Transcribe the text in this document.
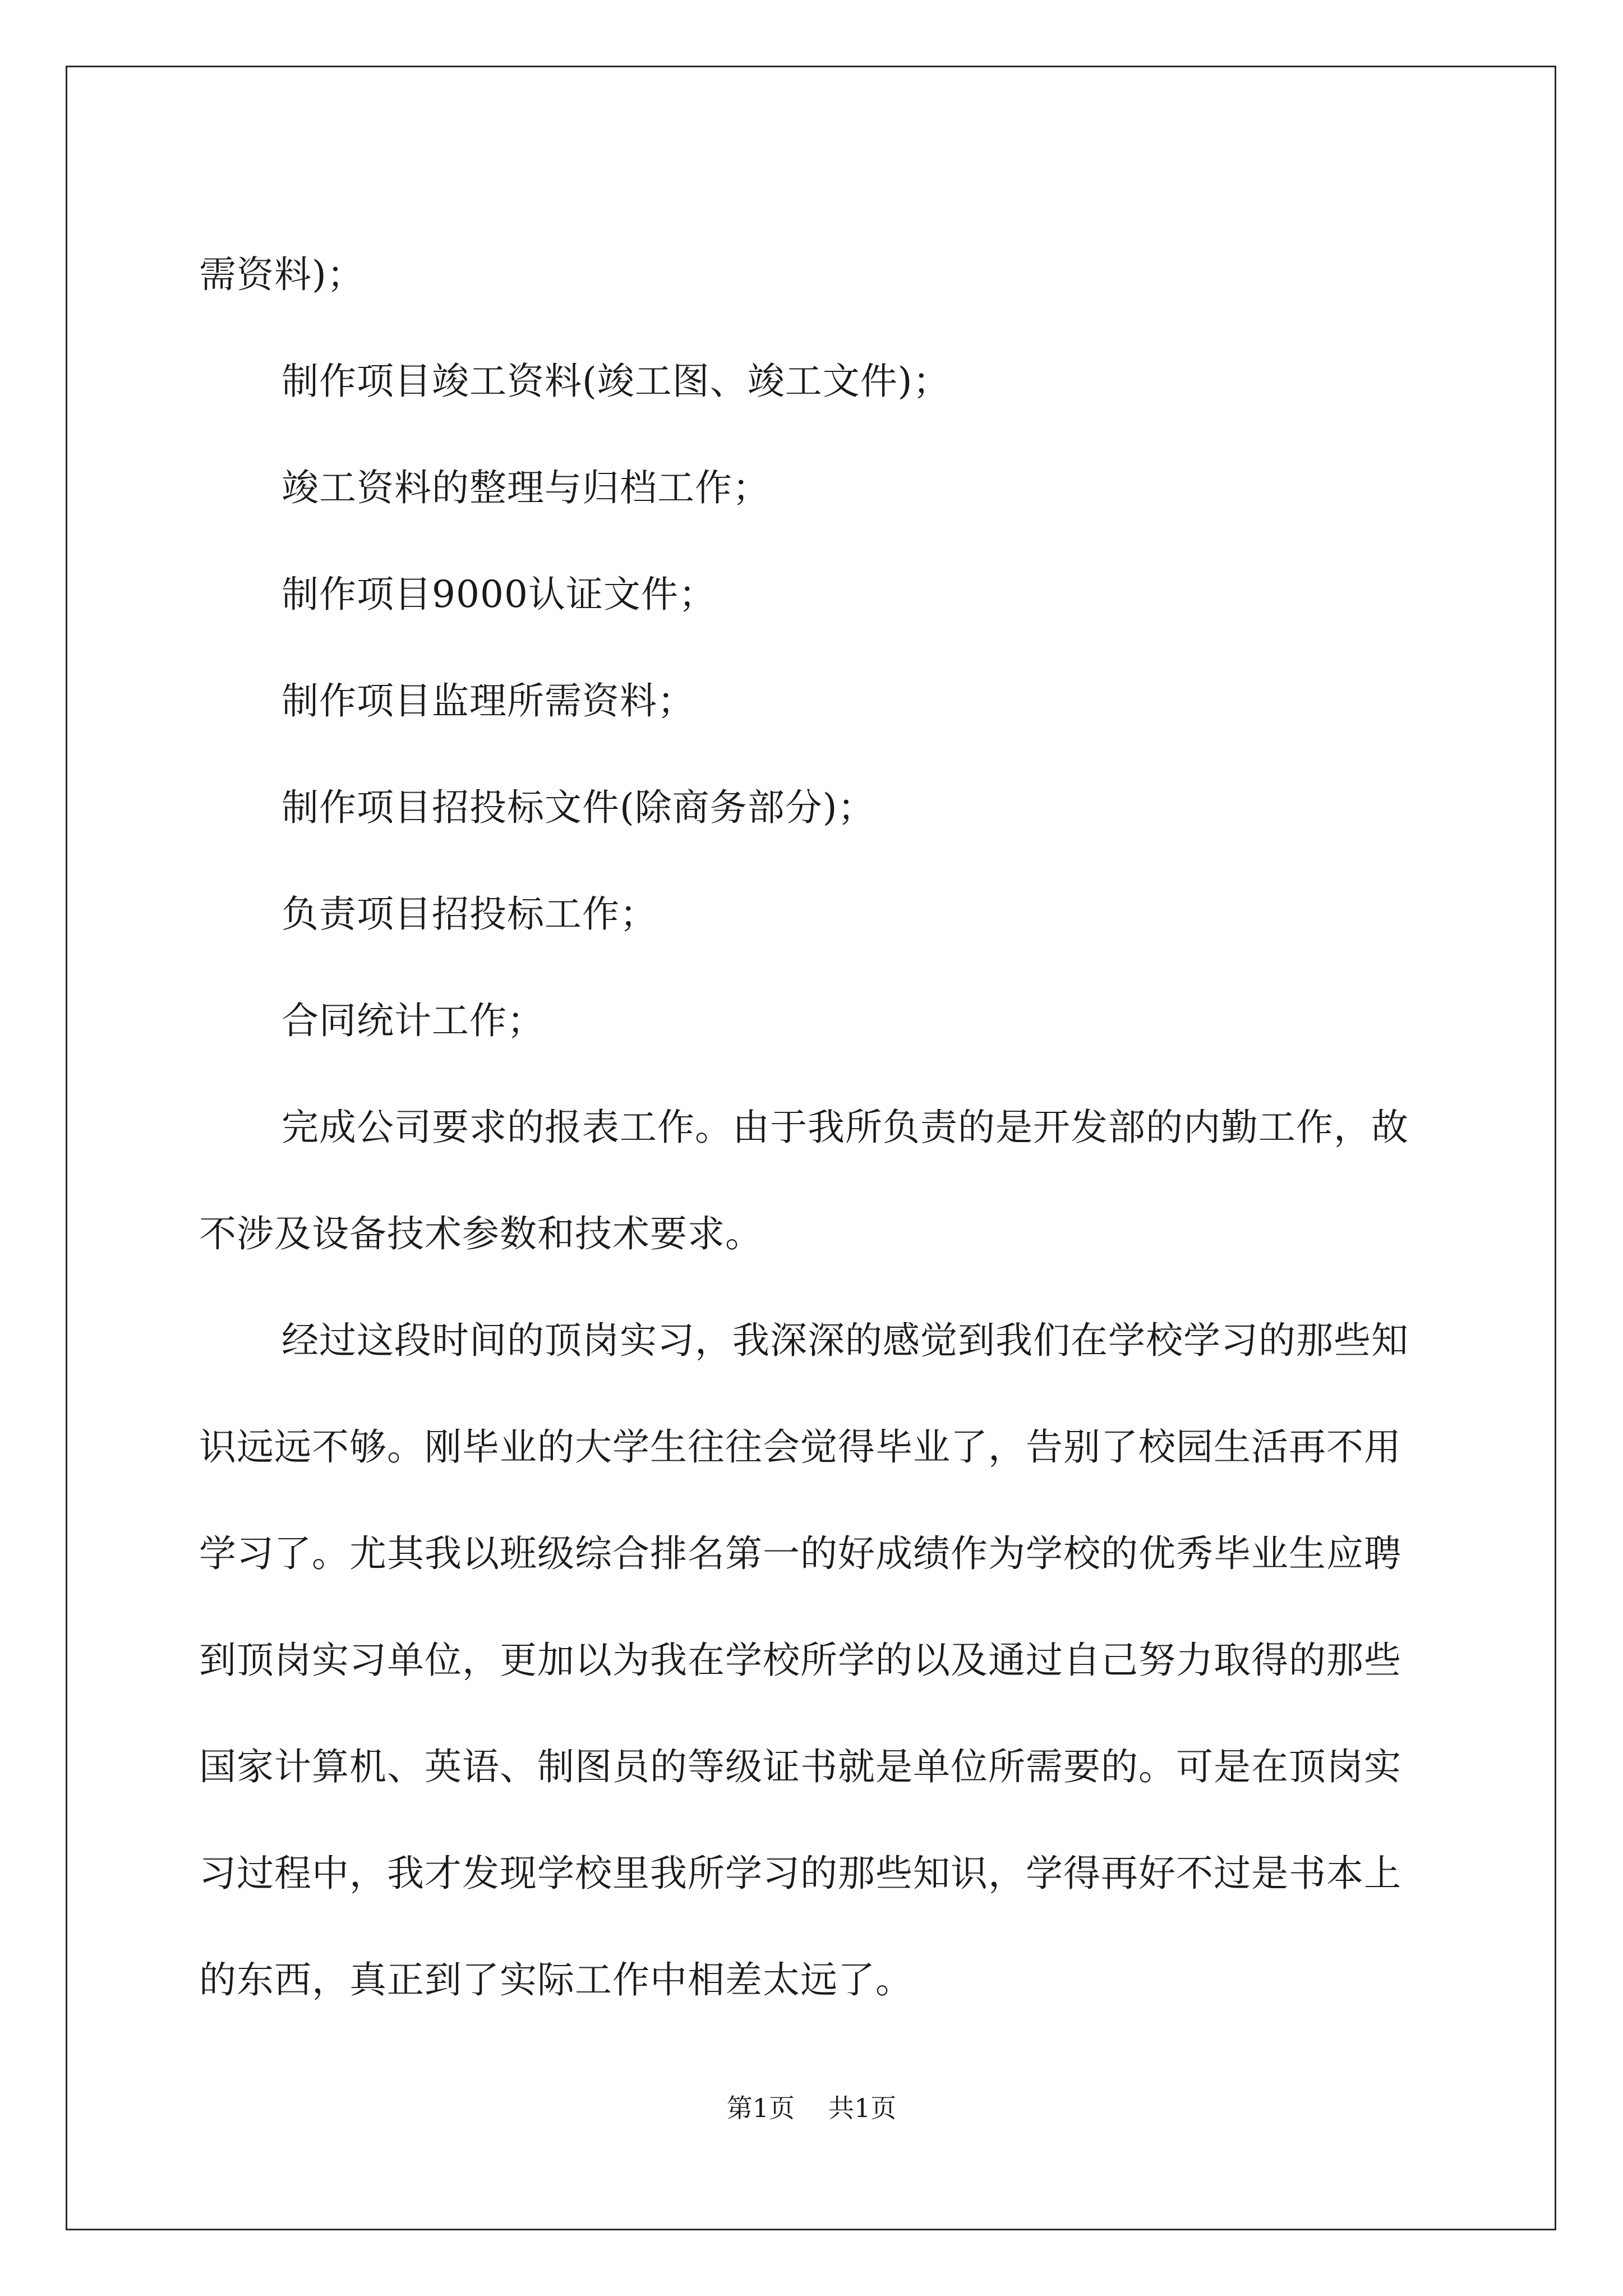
需资料)；

制作项目竣工资料(竣工图、竣工文件)；

竣工资料的整理与归档工作；

制作项目9000认证文件；

制作项目监理所需资料；

制作项目招投标文件(除商务部分)；

负责项目招投标工作；

合同统计工作；

完成公司要求的报表工作。由于我所负责的是开发部的内勤工作，故不涉及设备技术参数和技术要求。

经过这段时间的顶岗实习，我深深的感觉到我们在学校学习的那些知识远远不够。刚毕业的大学生往往会觉得毕业了，告别了校园生活再不用学习了。尤其我以班级综合排名第一的好成绩作为学校的优秀毕业生应聘到顶岗实习单位，更加以为我在学校所学的以及通过自己努力取得的那些国家计算机、英语、制图员的等级证书就是单位所需要的。可是在顶岗实习过程中，我才发现学校里我所学习的那些知识，学得再好不过是书本上的东西，真正到了实际工作中相差太远了。

第1页 共1页
